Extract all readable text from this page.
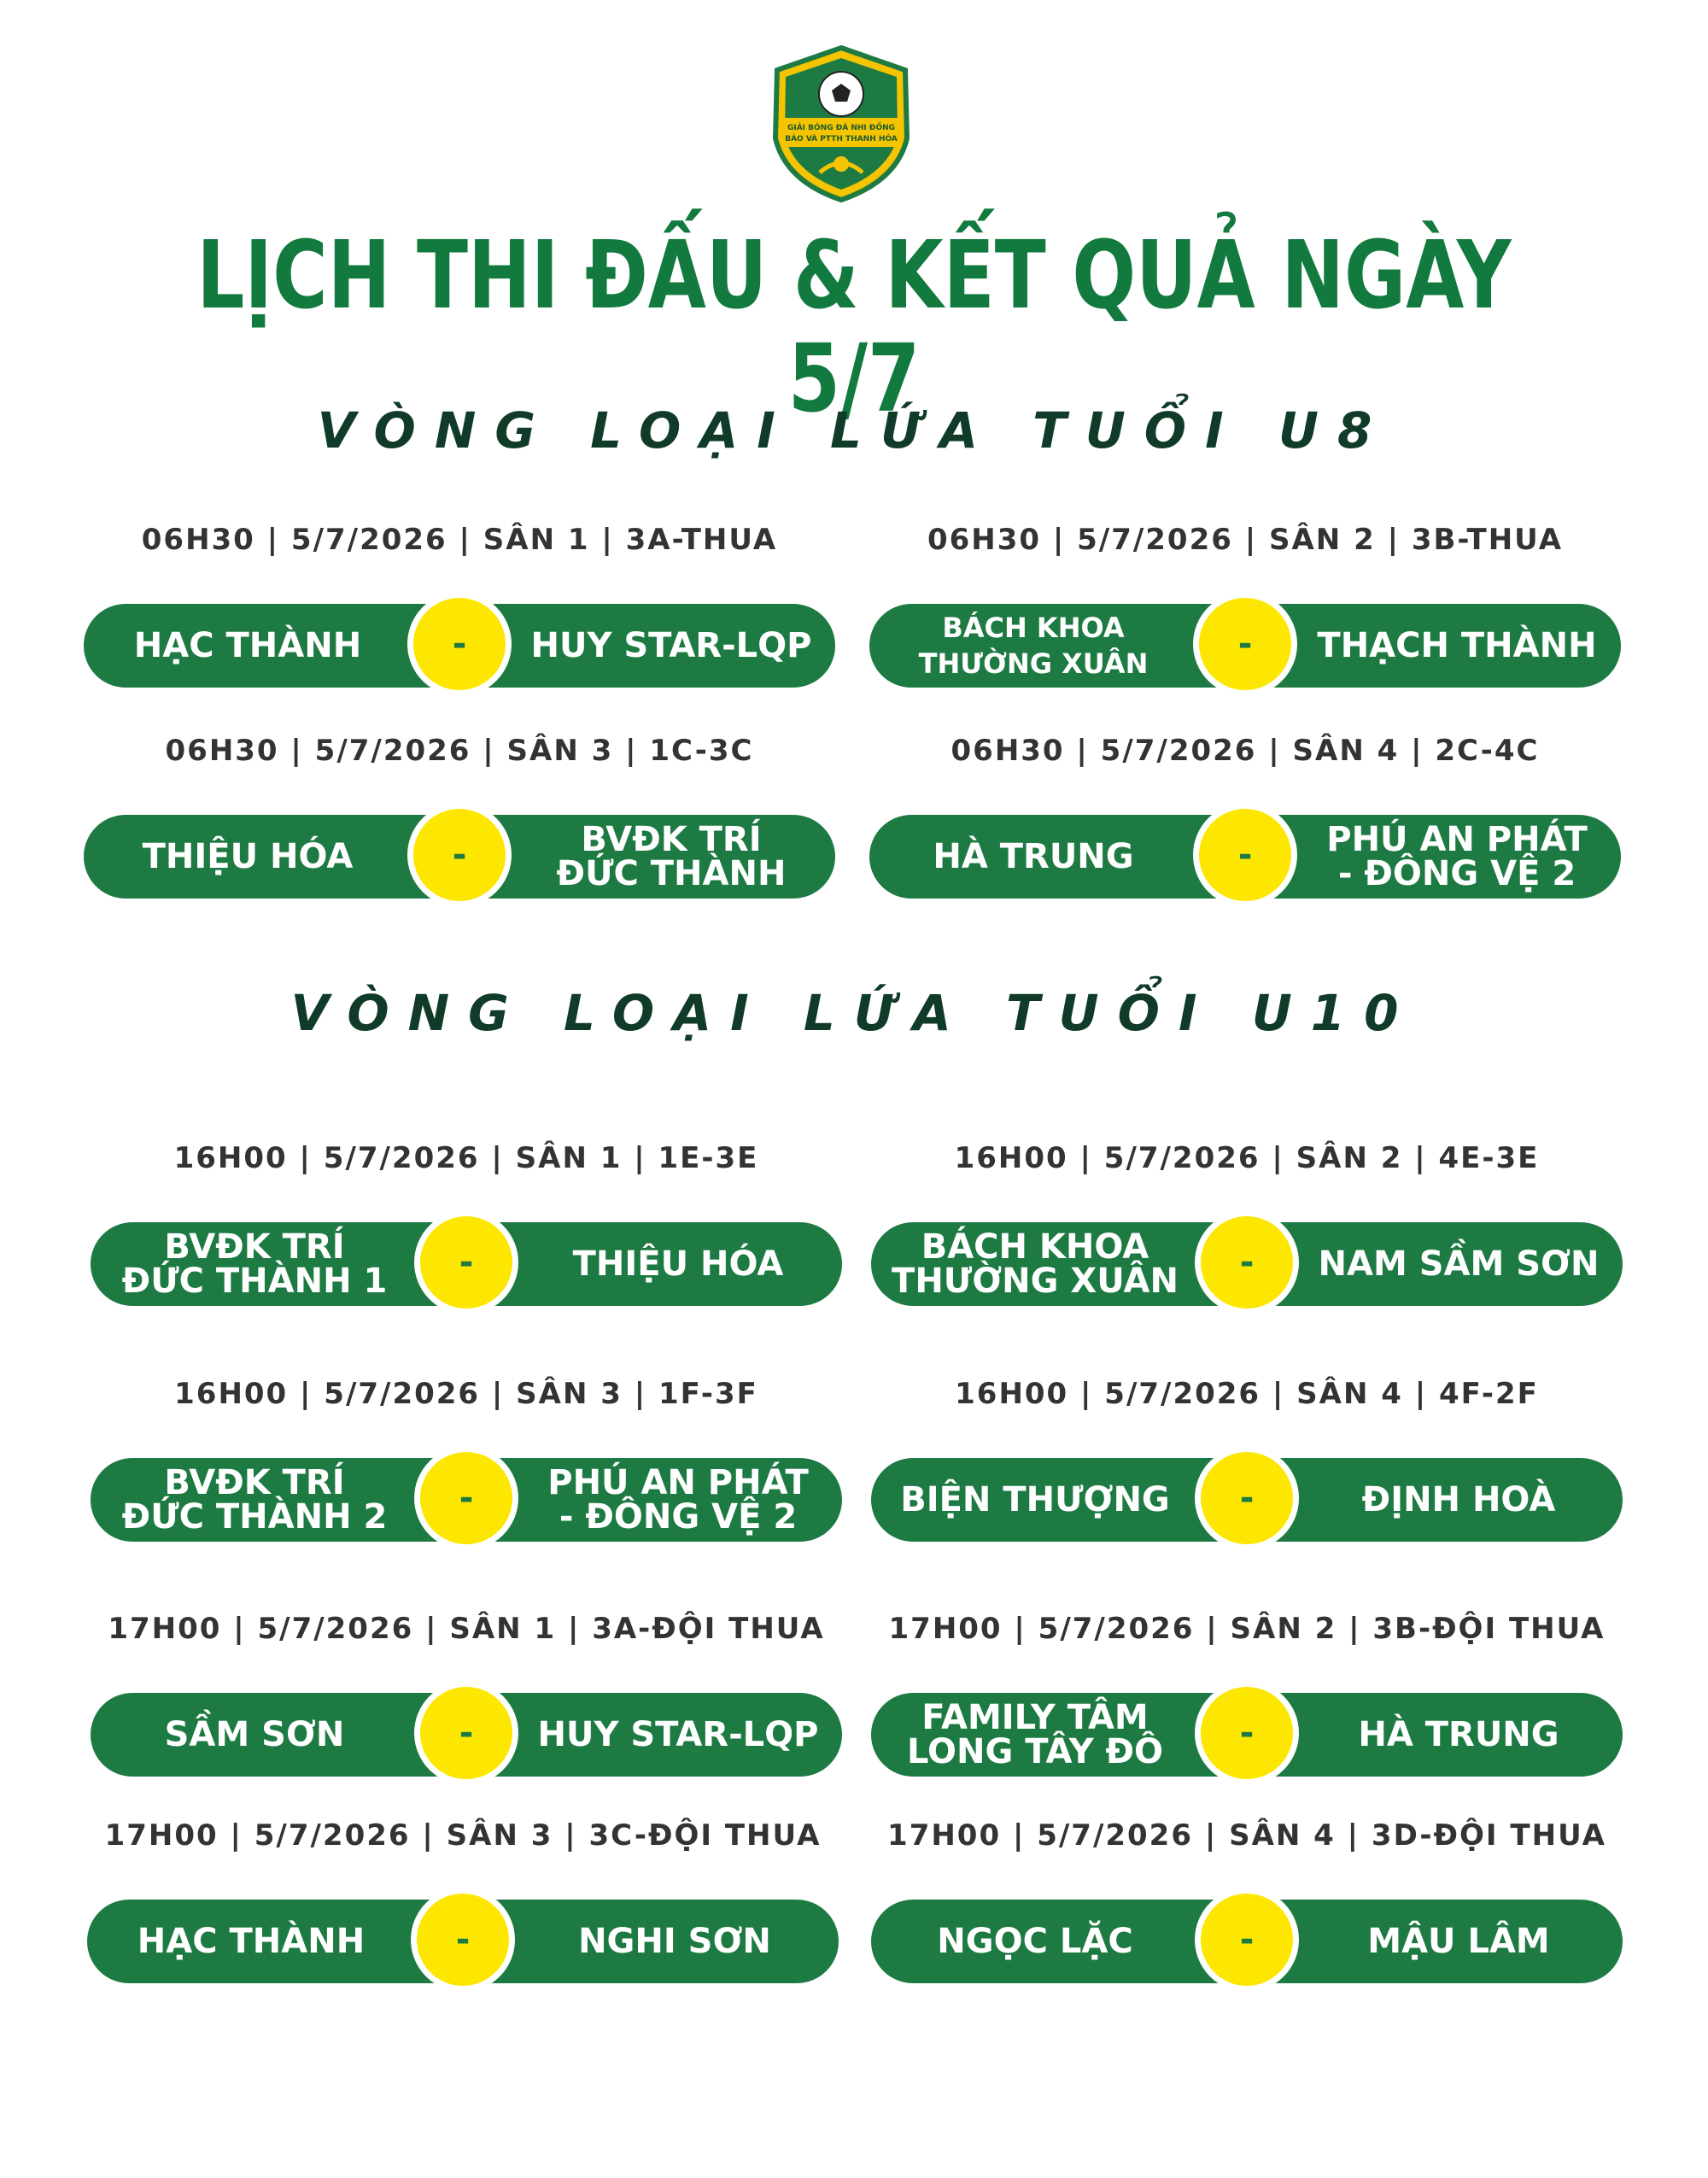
GIẢI BÓNG ĐÁ NHI ĐỒNG
BÁO VÀ PTTH THANH HÓA
LỊCH THI ĐẤU & KẾT QUẢ NGÀY 5/7
VÒNG LOẠI LỨA TUỔI U8
VÒNG LOẠI LỨA TUỔI U10
06H30 | 5/7/2026 | SÂN 1 | 3A-THUA
HẠC THÀNH	-	HUY STAR-LQP
06H30 | 5/7/2026 | SÂN 2 | 3B-THUA
BÁCH KHOA
THƯỜNG XUÂN	-	THẠCH THÀNH
06H30 | 5/7/2026 | SÂN 3 | 1C-3C
THIỆU HÓA	-	BVĐK TRÍ
ĐỨC THÀNH
06H30 | 5/7/2026 | SÂN 4 | 2C-4C
HÀ TRUNG	-	PHÚ AN PHÁT
- ĐÔNG VỆ 2
16H00 | 5/7/2026 | SÂN 1 | 1E-3E
BVĐK TRÍ
ĐỨC THÀNH 1	-	THIỆU HÓA
16H00 | 5/7/2026 | SÂN 2 | 4E-3E
BÁCH KHOA
THƯỜNG XUÂN	-	NAM SẦM SƠN
16H00 | 5/7/2026 | SÂN 3 | 1F-3F
BVĐK TRÍ
ĐỨC THÀNH 2	-	PHÚ AN PHÁT
- ĐÔNG VỆ 2
16H00 | 5/7/2026 | SÂN 4 | 4F-2F
BIỆN THƯỢNG	-	ĐỊNH HOÀ
17H00 | 5/7/2026 | SÂN 1 | 3A-ĐỘI THUA
SẦM SƠN	-	HUY STAR-LQP
17H00 | 5/7/2026 | SÂN 2 | 3B-ĐỘI THUA
FAMILY TÂM
LONG TÂY ĐÔ	-	HÀ TRUNG
17H00 | 5/7/2026 | SÂN 3 | 3C-ĐỘI THUA
HẠC THÀNH	-	NGHI SƠN
17H00 | 5/7/2026 | SÂN 4 | 3D-ĐỘI THUA
NGỌC LẶC	-	MẬU LÂM
